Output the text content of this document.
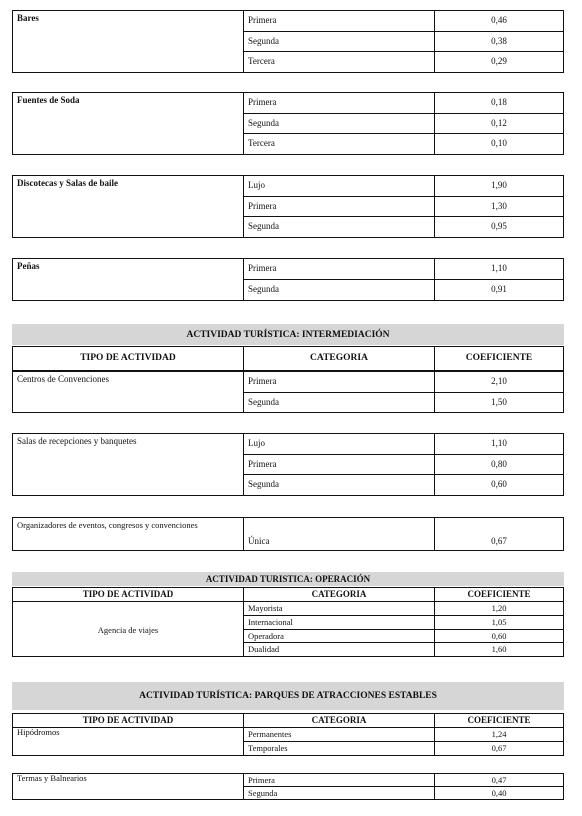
Bares	Primera	0,46
	Segunda	0,38
	Tercera	0,29
Fuentes de Soda	Primera	0,18
	Segunda	0,12
	Tercera	0,10
Discotecas y Salas de baile	Lujo	1,90
	Primera	1,30
	Segunda	0,95
Peñas	Primera	1,10
	Segunda	0,91
ACTIVIDAD TURÍSTICA: INTERMEDIACIÓN
TIPO DE ACTIVIDAD	CATEGORIA	COEFICIENTE
Centros de Convenciones	Primera	2,10
	Segunda	1,50
Salas de recepciones y banquetes	Lujo	1,10
	Primera	0,80
	Segunda	0,60
Organizadores de eventos, congresos y convenciones	Única	0,67
ACTIVIDAD TURISTICA: OPERACIÓN
TIPO DE ACTIVIDAD	CATEGORIA	COEFICIENTE
Agencia de viajes	Mayorista	1,20
	Internacional	1,05
	Operadora	0,60
	Dualidad	1,60
ACTIVIDAD TURÍSTICA: PARQUES DE ATRACCIONES ESTABLES
TIPO DE ACTIVIDAD	CATEGORIA	COEFICIENTE
Hipódromos	Permanentes	1,24
	Temporales	0,67
Termas y Balnearios	Primera	0,47
	Segunda	0,40
